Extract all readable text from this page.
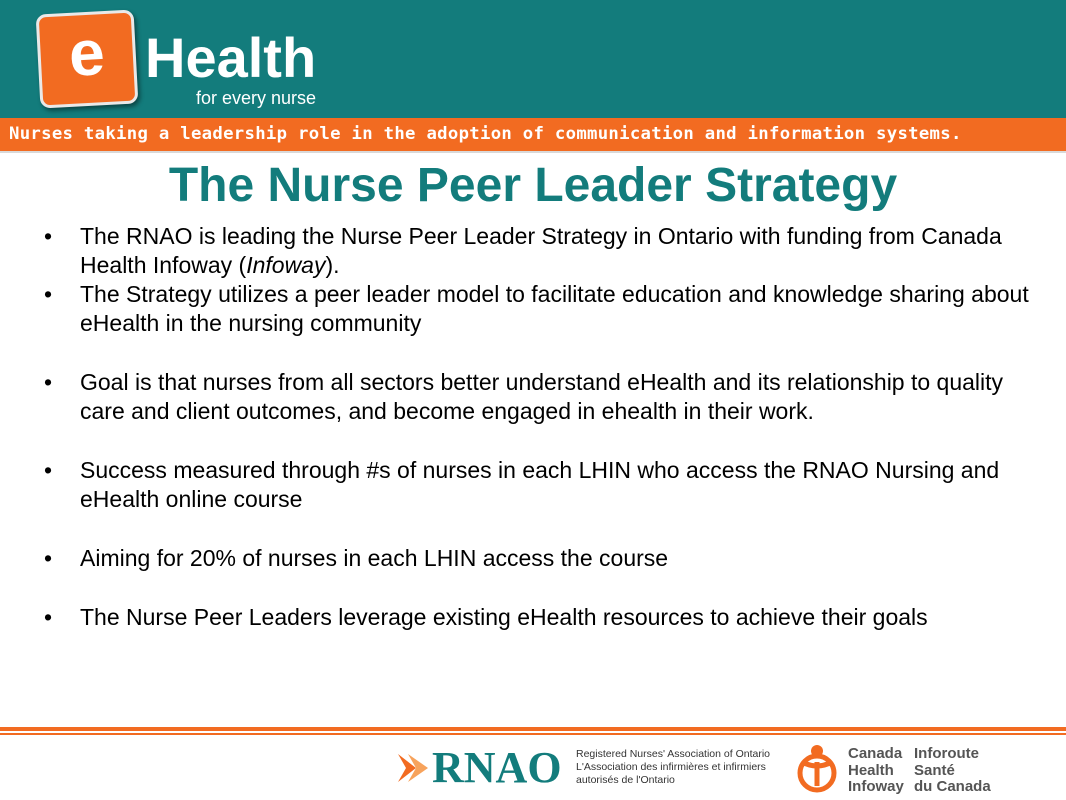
e Health
for every nurse
Nurses taking a leadership role in the adoption of communication and information systems.
The Nurse Peer Leader Strategy
• The RNAO is leading the Nurse Peer Leader Strategy in Ontario with funding from Canada Health Infoway (Infoway).
• The Strategy utilizes a peer leader model to facilitate education and knowledge sharing about eHealth in the nursing community
• Goal is that nurses from all sectors better understand eHealth and its relationship to quality care and client outcomes, and become engaged in ehealth in their work.
• Success measured through #s of nurses in each LHIN who access the RNAO Nursing and eHealth online course
• Aiming for 20% of nurses in each LHIN access the course
• The Nurse Peer Leaders leverage existing eHealth resources to achieve their goals
RNAO Registered Nurses' Association of Ontario
L'Association des infirmières et infirmiers
autorisés de l'Ontario
Canada
Health
Infoway
Inforoute
Santé
du Canada
